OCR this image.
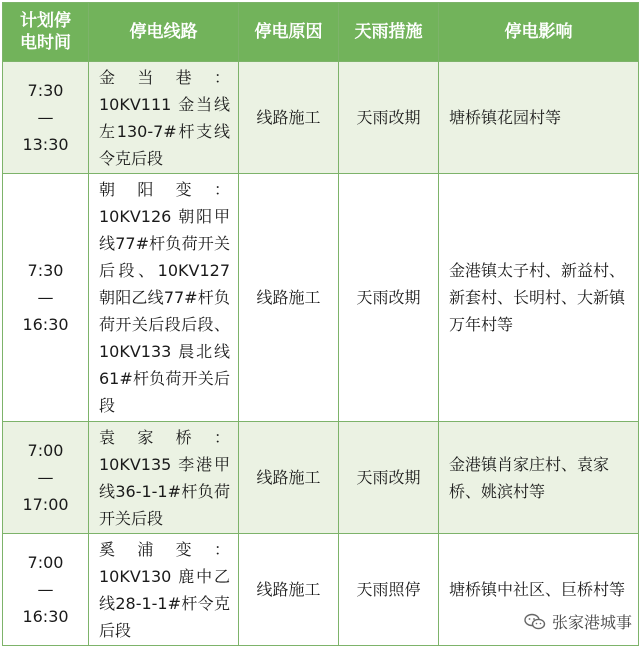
计划停电时间	停电线路	停电原因	天雨措施	停电影响

7:30
—
13:30	金当巷：10KV111 金当线左130-7#杆支线令克后段	线路施工	天雨改期	塘桥镇花园村等

7:30
—
16:30	朝阳变：10KV126 朝阳甲线77#杆负荷开关后段、10KV127 朝阳乙线77#杆负荷开关后段后段、10KV133 晨北线61#杆负荷开关后段	线路施工	天雨改期	金港镇太子村、新益村、新套村、长明村、大新镇万年村等

7:00
—
17:00	袁家桥：10KV135 李港甲线36-1-1#杆负荷开关后段	线路施工	天雨改期	金港镇肖家庄村、袁家桥、姚滨村等

7:00
—
16:30	奚浦变：10KV130 鹿中乙线28-1-1#杆令克后段	线路施工	天雨照停	塘桥镇中社区、巨桥村等
张家港城事
